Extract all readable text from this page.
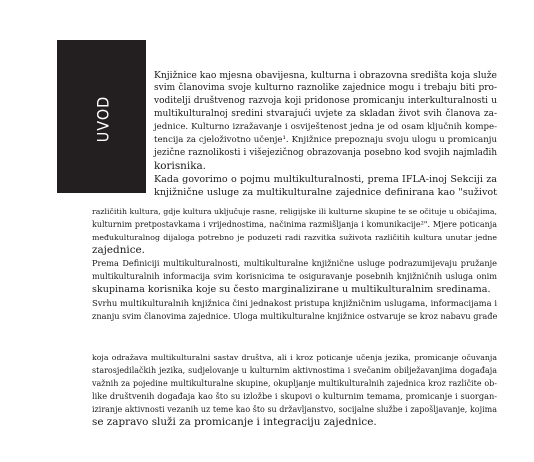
UVOD
Knjižnice kao mjesna obavijesna, kulturna i obrazovna središta koja služe
svim članovima svoje kulturno raznolike zajednice mogu i trebaju biti pro-
voditelji društvenog razvoja koji pridonose promicanju interkulturalnosti u
multikulturalnoj sredini stvarajući uvjete za skladan život svih članova za-
jednice. Kulturno izražavanje i osviještenost jedna je od osam ključnih kompe-
tencija za cjeloživotno učenje¹. Knjižnice prepoznaju svoju ulogu u promicanju
jezične raznolikosti i višejezičnog obrazovanja posebno kod svojih najmlađih
korisnika.
Kada govorimo o pojmu multikulturalnosti, prema IFLA-inoj Sekciji za
knjižnične usluge za multikulturalne zajednice definirana kao "suživot
različitih kultura, gdje kultura uključuje rasne, religijske ili kulturne skupine te se očituje u običajima,
kulturnim pretpostavkama i vrijednostima, načinima razmišljanja i komunikacije²". Mjere poticanja
međukulturalnog dijaloga potrebno je poduzeti radi razvitka suživota različitih kultura unutar jedne
zajednice.
Prema Definiciji multikulturalnosti, multikulturalne knjižnične usluge podrazumijevaju pružanje
multikulturalnih informacija svim korisnicima te osiguravanje posebnih knjižničnih usluga onim
skupinama korisnika koje su često marginalizirane u multikulturalnim sredinama.
Svrhu multikulturalnih knjižnica čini jednakost pristupa knjižničnim uslugama, informacijama i
znanju svim članovima zajednice. Uloga multikulturalne knjižnice ostvaruje se kroz nabavu građe
koja odražava multikulturalni sastav društva, ali i kroz poticanje učenja jezika, promicanje očuvanja
starosjedilačkih jezika, sudjelovanje u kulturnim aktivnostima i svečanim obilježavanjima događaja
važnih za pojedine multikulturalne skupine, okupljanje multikulturalnih zajednica kroz različite ob-
like društvenih događaja kao što su izložbe i skupovi o kulturnim temama, promicanje i suorgan-
iziranje aktivnosti vezanih uz teme kao što su državljanstvo, socijalne službe i zapošljavanje, kojima
se zapravo služi za promicanje i integraciju zajednice.
